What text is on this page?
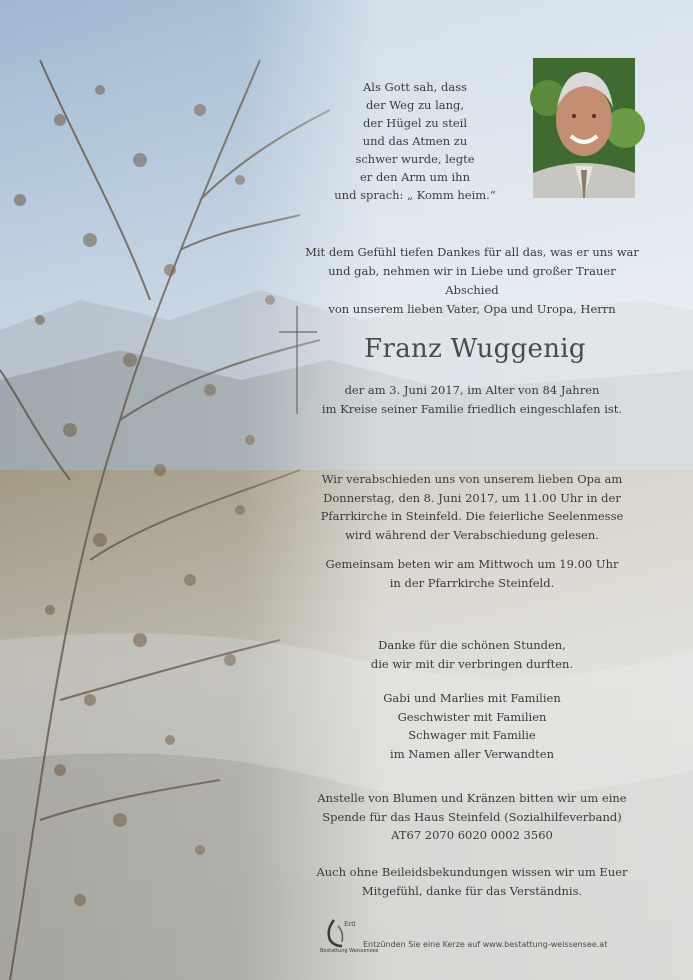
Als Gott sah, dass
der Weg zu lang,
der Hügel zu steil
und das Atmen zu
schwer wurde, legte
er den Arm um ihn
und sprach: „ Komm heim.“
Mit dem Gefühl tiefen Dankes für all das, was er uns war
und gab, nehmen wir in Liebe und großer Trauer Abschied
von unserem lieben Vater, Opa und Uropa, Herrn
Franz Wuggenig
der am 3. Juni 2017, im Alter von 84 Jahren
im Kreise seiner Familie friedlich eingeschlafen ist.
Wir verabschieden uns von unserem lieben Opa am
Donnerstag, den 8. Juni 2017, um 11.00 Uhr in der
Pfarrkirche in Steinfeld. Die feierliche Seelenmesse
wird während der Verabschiedung gelesen.
Gemeinsam beten wir am Mittwoch um 19.00 Uhr
in der Pfarrkirche Steinfeld.
Danke für die schönen Stunden,
die wir mit dir verbringen durften.
Gabi und Marlies mit Familien
Geschwister mit Familien
Schwager mit Familie
im Namen aller Verwandten
Anstelle von Blumen und Kränzen bitten wir um eine
Spende für das Haus Steinfeld (Sozialhilfeverband)
AT67 2070 6020 0002 3560
Auch ohne Beileidsbekundungen wissen wir um Euer
Mitgefühl, danke für das Verständnis.
Ertl
Bestattung Weissensee
Entzünden Sie eine Kerze auf www.bestattung-weissensee.at
